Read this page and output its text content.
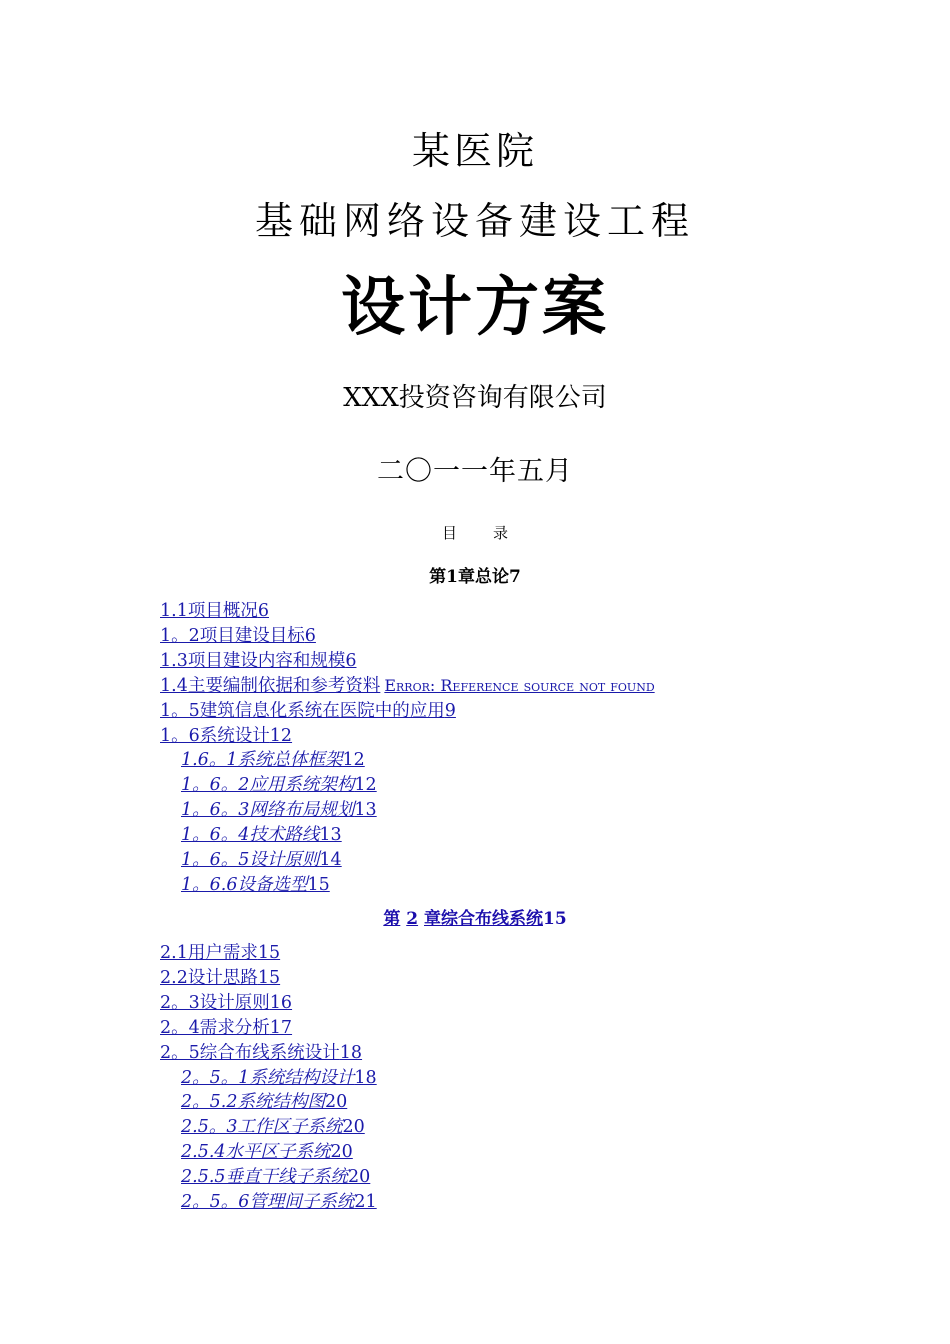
某医院
基础网络设备建设工程
设计方案
XXX投资咨询有限公司
二〇一一年五月
目 录
第1章总论7
1.1项目概况6
1。2项目建设目标6
1.3项目建设内容和规模6
1.4主要编制依据和参考资料 Error: Reference source not found
1。5建筑信息化系统在医院中的应用9
1。6系统设计12
1.6。1系统总体框架12
1。6。2应用系统架构12
1。6。3网络布局规划13
1。6。4技术路线13
1。6。5设计原则14
1。6.6设备选型15
第 2 章综合布线系统15
2.1用户需求15
2.2设计思路15
2。3设计原则16
2。4需求分析17
2。5综合布线系统设计18
2。5。1系统结构设计18
2。5.2系统结构图20
2.5。3工作区子系统20
2.5.4水平区子系统20
2.5.5垂直干线子系统20
2。5。6管理间子系统21
